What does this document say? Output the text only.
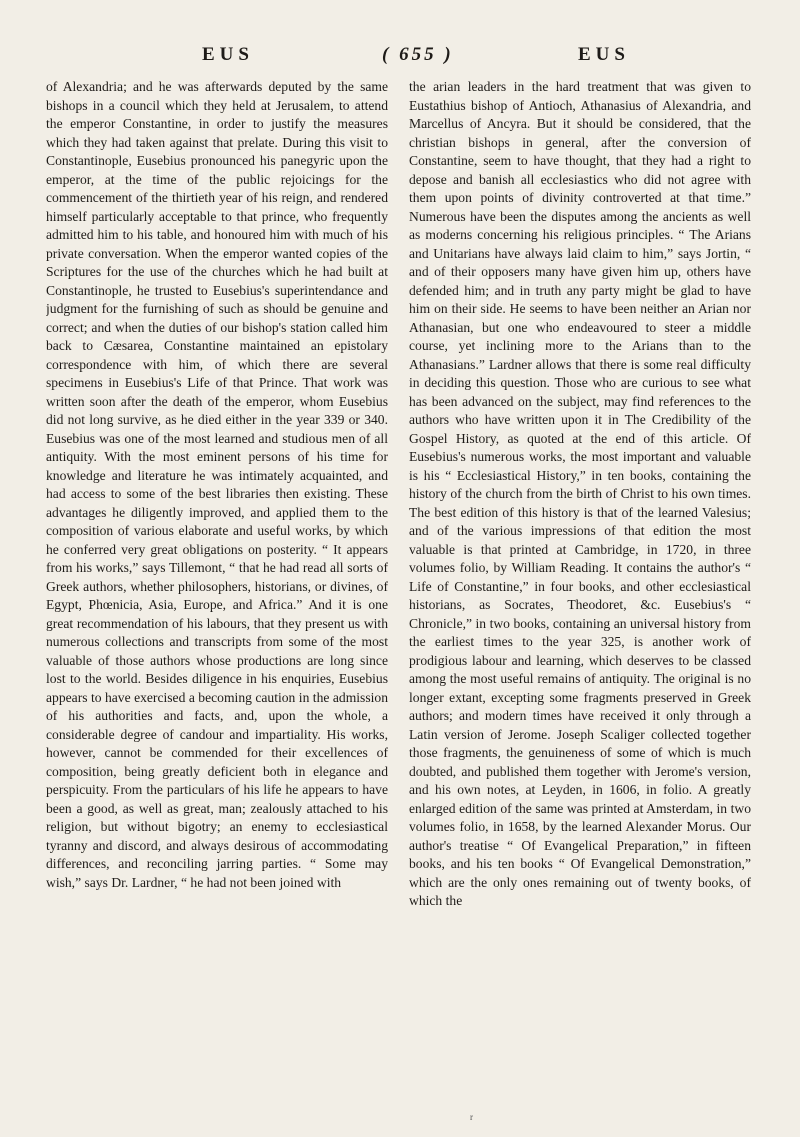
EUS	( 655 )	EUS

of Alexandria; and he was afterwards deputed by the same bishops in a council which they held at Jerusalem, to attend the emperor Constantine, in order to justify the measures which they had taken against that prelate. During this visit to Constantinople, Eusebius pronounced his panegyric upon the emperor, at the time of the public rejoicings for the commencement of the thirtieth year of his reign, and rendered himself particularly acceptable to that prince, who frequently admitted him to his table, and honoured him with much of his private conversation. When the emperor wanted copies of the Scriptures for the use of the churches which he had built at Constantinople, he trusted to Eusebius's superintendance and judgment for the furnishing of such as should be genuine and correct; and when the duties of our bishop's station called him back to Cæsarea, Constantine maintained an epistolary correspondence with him, of which there are several specimens in Eusebius's Life of that Prince. That work was written soon after the death of the emperor, whom Eusebius did not long survive, as he died either in the year 339 or 340. Eusebius was one of the most learned and studious men of all antiquity. With the most eminent persons of his time for knowledge and literature he was intimately acquainted, and had access to some of the best libraries then existing. These advantages he diligently improved, and applied them to the composition of various elaborate and useful works, by which he conferred very great obligations on posterity. “ It appears from his works,” says Tillemont, “ that he had read all sorts of Greek authors, whether philosophers, historians, or divines, of Egypt, Phœnicia, Asia, Europe, and Africa.” And it is one great recommendation of his labours, that they present us with numerous collections and transcripts from some of the most valuable of those authors whose productions are long since lost to the world. Besides diligence in his enquiries, Eusebius appears to have exercised a becoming caution in the admission of his authorities and facts, and, upon the whole, a considerable degree of candour and impartiality. His works, however, cannot be commended for their excellences of composition, being greatly deficient both in elegance and perspicuity. From the particulars of his life he appears to have been a good, as well as great, man; zealously attached to his religion, but without bigotry; an enemy to ecclesiastical tyranny and discord, and always desirous of accommodating differences, and reconciling jarring parties. “ Some may wish,” says Dr. Lardner, “ he had not been joined with

the arian leaders in the hard treatment that was given to Eustathius bishop of Antioch, Athanasius of Alexandria, and Marcellus of Ancyra. But it should be considered, that the christian bishops in general, after the conversion of Constantine, seem to have thought, that they had a right to depose and banish all ecclesiastics who did not agree with them upon points of divinity controverted at that time.” Numerous have been the disputes among the ancients as well as moderns concerning his religious principles. “ The Arians and Unitarians have always laid claim to him,” says Jortin, “ and of their opposers many have given him up, others have defended him; and in truth any party might be glad to have him on their side. He seems to have been neither an Arian nor Athanasian, but one who endeavoured to steer a middle course, yet inclining more to the Arians than to the Athanasians.” Lardner allows that there is some real difficulty in deciding this question. Those who are curious to see what has been advanced on the subject, may find references to the authors who have written upon it in The Credibility of the Gospel History, as quoted at the end of this article. Of Eusebius's numerous works, the most important and valuable is his “ Ecclesiastical History,” in ten books, containing the history of the church from the birth of Christ to his own times. The best edition of this history is that of the learned Valesius; and of the various impressions of that edition the most valuable is that printed at Cambridge, in 1720, in three volumes folio, by William Reading. It contains the author's “ Life of Constantine,” in four books, and other ecclesiastical historians, as Socrates, Theodoret, &c. Eusebius's “ Chronicle,” in two books, containing an universal history from the earliest times to the year 325, is another work of prodigious labour and learning, which deserves to be classed among the most useful remains of antiquity. The original is no longer extant, excepting some fragments preserved in Greek authors; and modern times have received it only through a Latin version of Jerome. Joseph Scaliger collected together those fragments, the genuineness of some of which is much doubted, and published them together with Jerome's version, and his own notes, at Leyden, in 1606, in folio. A greatly enlarged edition of the same was printed at Amsterdam, in two volumes folio, in 1658, by the learned Alexander Morus. Our author's treatise “ Of Evangelical Preparation,” in fifteen books, and his ten books “ Of Evangelical Demonstration,” which are the only ones remaining out of twenty books, of which the

r
